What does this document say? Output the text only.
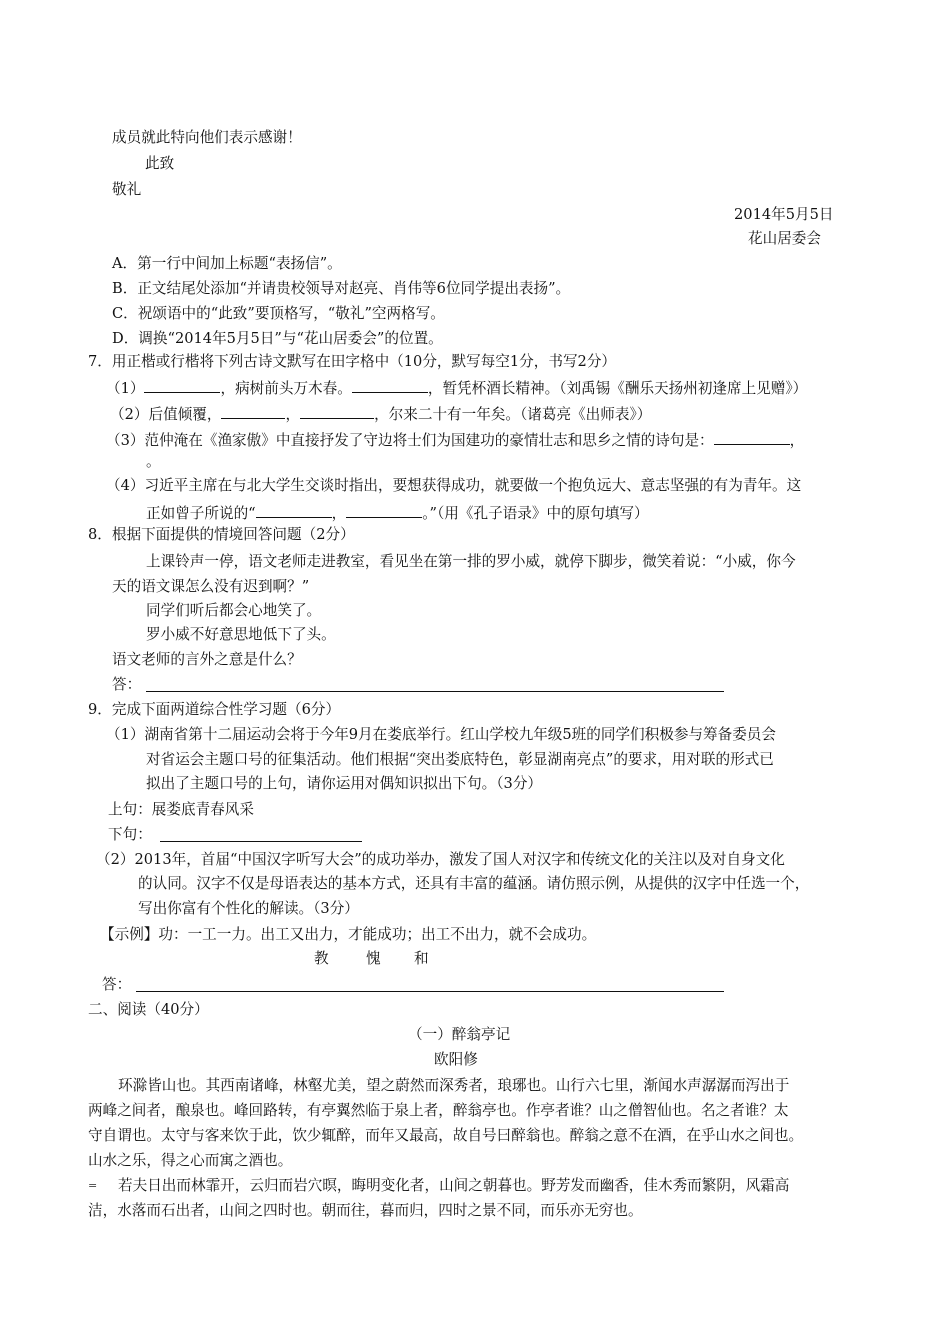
成员就此特向他们表示感谢！
此致
敬礼
2014年5月5日
花山居委会
A．第一行中间加上标题“表扬信”。
B．正文结尾处添加“并请贵校领导对赵亮、肖伟等6位同学提出表扬”。
C．祝颂语中的“此致”要顶格写，“敬礼”空两格写。
D．调换“2014年5月5日”与“花山居委会”的位置。
7．用正楷或行楷将下列古诗文默写在田字格中（10分，默写每空1分，书写2分）
（1）	，病树前头万木春。	，暂凭杯酒长精神。（刘禹锡《酬乐天扬州初逢席上见赠》）
（2）后值倾覆，	，	，尔来二十有一年矣。（诸葛亮《出师表》）
（3）范仲淹在《渔家傲》中直接抒发了守边将士们为国建功的豪情壮志和思乡之情的诗句是：	，
。
（4）习近平主席在与北大学生交谈时指出，要想获得成功，就要做一个抱负远大、意志坚强的有为青年。这
正如曾子所说的“	，	。”（用《孔子语录》中的原句填写）
8．根据下面提供的情境回答问题（2分）
上课铃声一停，语文老师走进教室，看见坐在第一排的罗小威，就停下脚步，微笑着说：“小威，你今
天的语文课怎么没有迟到啊？”
同学们听后都会心地笑了。
罗小威不好意思地低下了头。
语文老师的言外之意是什么？
答：
9．完成下面两道综合性学习题（6分）
（1）湖南省第十二届运动会将于今年9月在娄底举行。红山学校九年级5班的同学们积极参与筹备委员会
对省运会主题口号的征集活动。他们根据“突出娄底特色，彰显湖南亮点”的要求，用对联的形式已
拟出了主题口号的上句，请你运用对偶知识拟出下句。（3分）
上句：展娄底青春风采
下句：
（2）2013年，首届“中国汉字听写大会”的成功举办，激发了国人对汉字和传统文化的关注以及对自身文化
的认同。汉字不仅是母语表达的基本方式，还具有丰富的蕴涵。请仿照示例，从提供的汉字中任选一个，
写出你富有个性化的解读。（3分）
【示例】功：一工一力。出工又出力，才能成功；出工不出力，就不会成功。
教	愧 和
答：
二、阅读（40分）
（一）醉翁亭记
欧阳修
环滁皆山也。其西南诸峰，林壑尤美，望之蔚然而深秀者，琅琊也。山行六七里，渐闻水声潺潺而泻出于
两峰之间者，酿泉也。峰回路转，有亭翼然临于泉上者，醉翁亭也。作亭者谁？山之僧智仙也。名之者谁？太
守自谓也。太守与客来饮于此，饮少辄醉，而年又最高，故自号曰醉翁也。醉翁之意不在酒，在乎山水之间也。
山水之乐，得之心而寓之酒也。
= 若夫日出而林霏开，云归而岩穴暝，晦明变化者，山间之朝暮也。野芳发而幽香，佳木秀而繁阴，风霜高
洁，水落而石出者，山间之四时也。朝而往，暮而归，四时之景不同，而乐亦无穷也。
